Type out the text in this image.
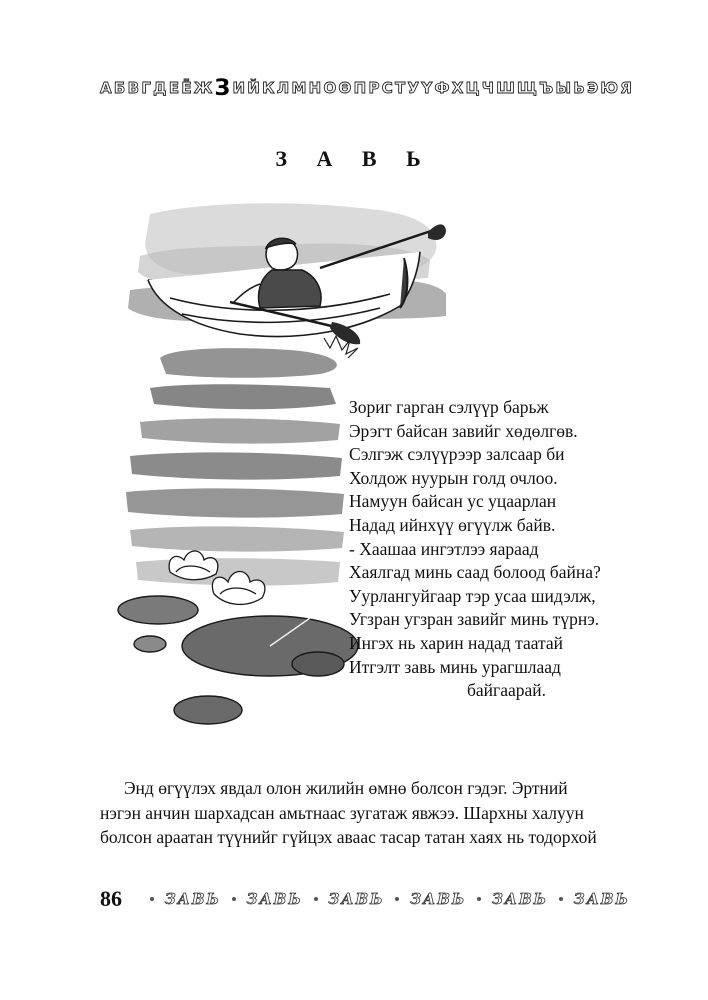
А Б В Г Д Е Ё Ж З И Й К Л М Н О Ө П Р С Т У Ү Ф Х Ц Ч Ш Щ Ъ Ы Ь Э Ю Я
З А В Ь
Зориг гарган сэлүүр барьж
Эрэгт байсан завийг хөдөлгөв.
Сэлгэж сэлүүрээр залсаар би
Холдож нуурын голд очлоо.
Намуун байсан ус уцаарлан
Надад ийнхүү өгүүлж байв.
- Хаашаа ингэтлээ яараад
Хаялгад минь саад болоод байна?
Уурлангуйгаар тэр усаа шидэлж,
Угзран угзран завийг минь түрнэ.
Ингэх нь харин надад таатай
Итгэлт завь минь урагшлаад
байгаарай.
Энд өгүүлэх явдал олон жилийн өмнө болсон гэдэг. Эртний
нэгэн анчин шархадсан амьтнаас зугатаж явжээ. Шархны халуун
болсон араатан түүнийг гүйцэх аваас тасар татан хаях нь тодорхой
86	ЗАВЬ ЗАВЬ ЗАВЬ ЗАВЬ ЗАВЬ ЗАВЬ
